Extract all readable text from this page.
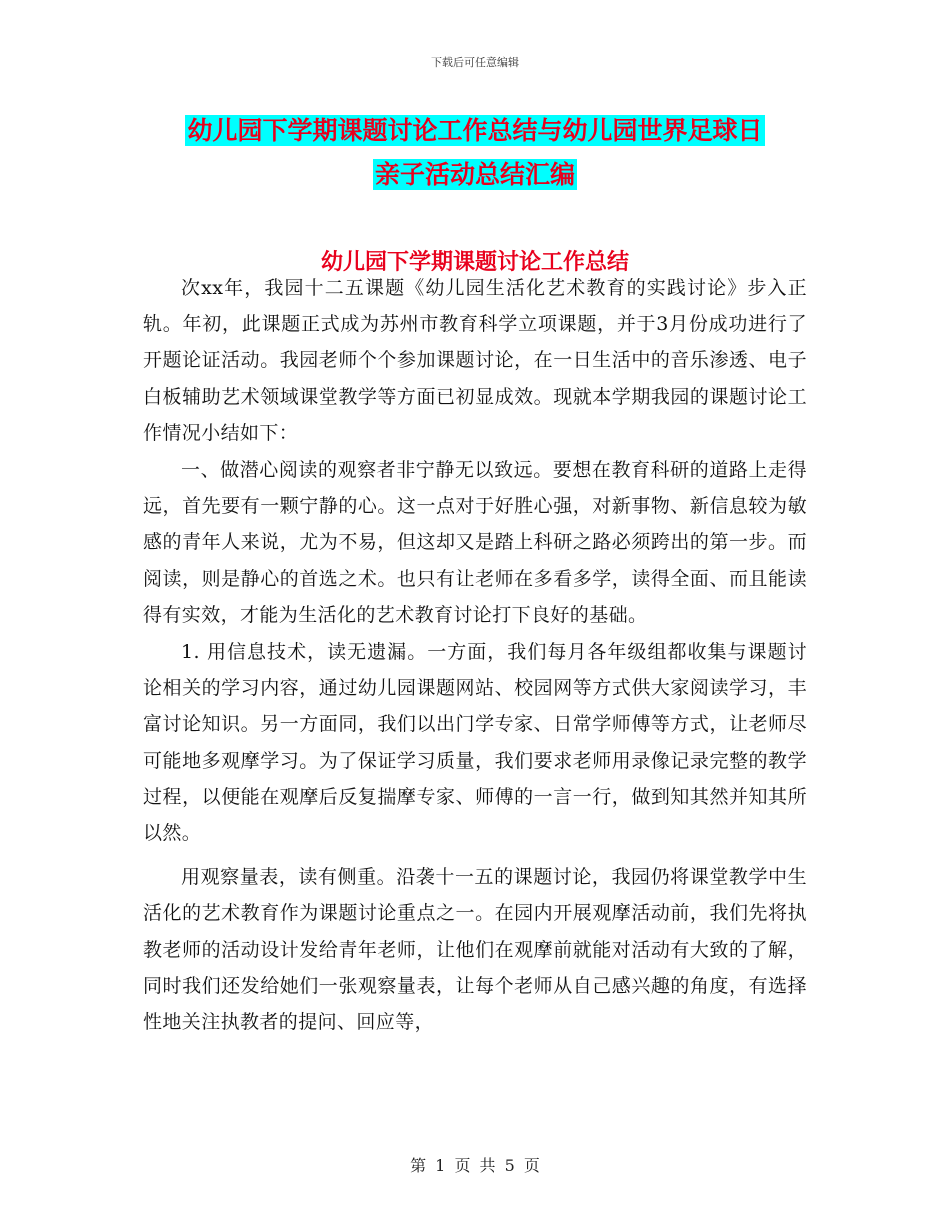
下载后可任意编辑
幼儿园下学期课题讨论工作总结与幼儿园世界足球日
亲子活动总结汇编
幼儿园下学期课题讨论工作总结

次xx年，我园十二五课题《幼儿园生活化艺术教育的实践讨论》步入正轨。年初，此课题正式成为苏州市教育科学立项课题，并于3月份成功进行了开题论证活动。我园老师个个参加课题讨论，在一日生活中的音乐渗透、电子白板辅助艺术领域课堂教学等方面已初显成效。现就本学期我园的课题讨论工作情况小结如下：

一、做潜心阅读的观察者非宁静无以致远。要想在教育科研的道路上走得远，首先要有一颗宁静的心。这一点对于好胜心强，对新事物、新信息较为敏感的青年人来说，尤为不易，但这却又是踏上科研之路必须跨出的第一步。而阅读，则是静心的首选之术。也只有让老师在多看多学，读得全面、而且能读得有实效，才能为生活化的艺术教育讨论打下良好的基础。

1. 用信息技术，读无遗漏。一方面，我们每月各年级组都收集与课题讨论相关的学习内容，通过幼儿园课题网站、校园网等方式供大家阅读学习，丰富讨论知识。另一方面同，我们以出门学专家、日常学师傅等方式，让老师尽可能地多观摩学习。为了保证学习质量，我们要求老师用录像记录完整的教学过程，以便能在观摩后反复揣摩专家、师傅的一言一行，做到知其然并知其所以然。

用观察量表，读有侧重。沿袭十一五的课题讨论，我园仍将课堂教学中生活化的艺术教育作为课题讨论重点之一。在园内开展观摩活动前，我们先将执教老师的活动设计发给青年老师，让他们在观摩前就能对活动有大致的了解，同时我们还发给她们一张观察量表，让每个老师从自己感兴趣的角度，有选择性地关注执教者的提问、回应等，

第 1 页 共 5 页
